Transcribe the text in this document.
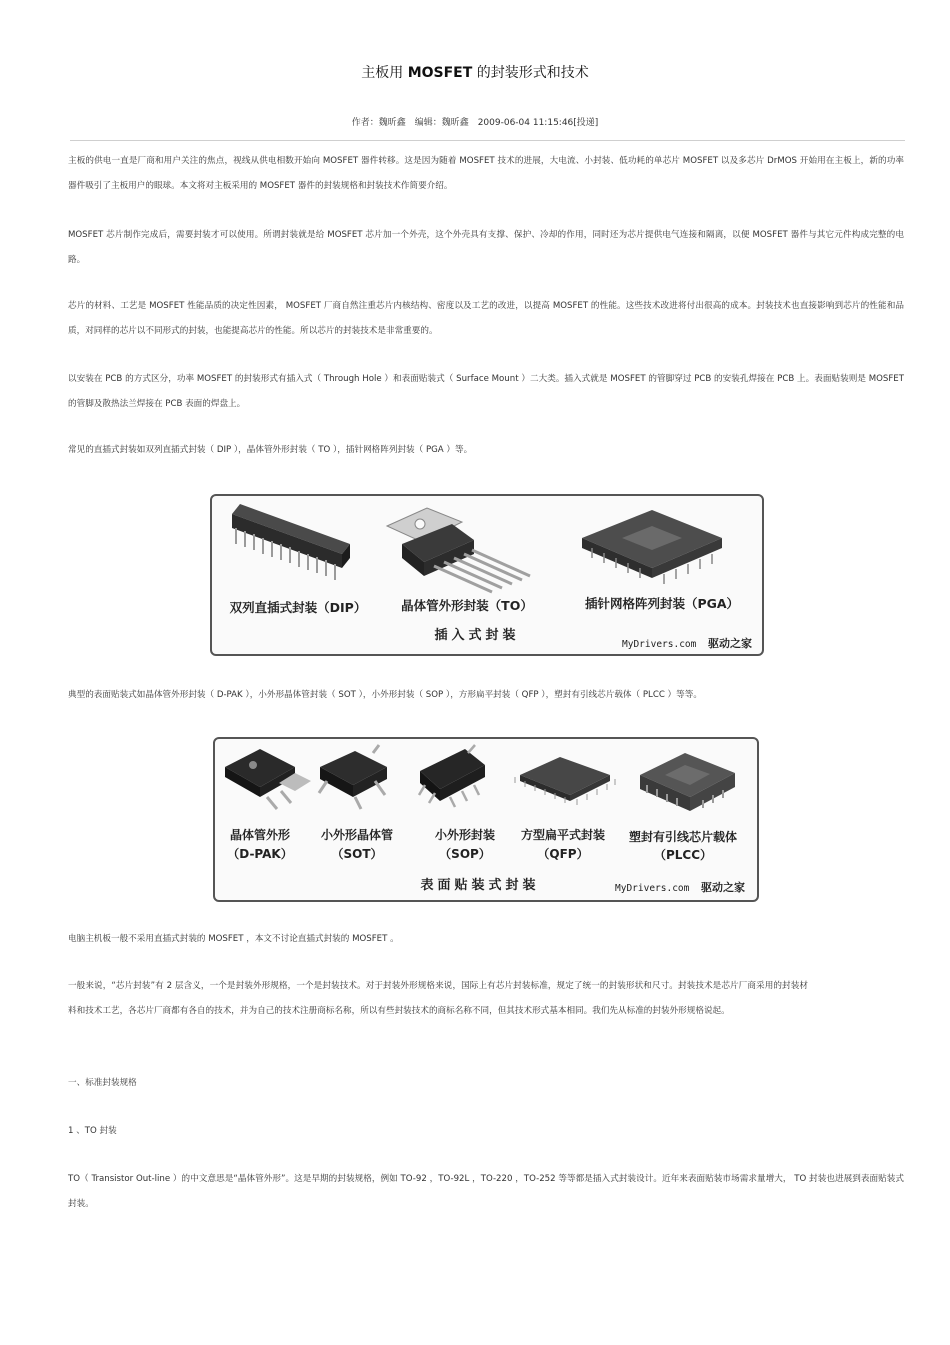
主板用 MOSFET 的封装形式和技术
作者：魏昕鑫　编辑：魏昕鑫　2009-06-04 11:15:46[投递]

主板的供电一直是厂商和用户关注的焦点，视线从供电相数开始向 MOSFET 器件转移。这是因为随着 MOSFET 技术的进展，大电流、小封装、低功耗的单芯片 MOSFET 以及多芯片 DrMOS 开始用在主板上，新的功率器件吸引了主板用户的眼球。本文将对主板采用的 MOSFET 器件的封装规格和封装技术作简要介绍。

MOSFET 芯片制作完成后，需要封装才可以使用。所谓封装就是给 MOSFET 芯片加一个外壳，这个外壳具有支撑、保护、冷却的作用，同时还为芯片提供电气连接和隔离，以便 MOSFET 器件与其它元件构成完整的电路。

芯片的材料、工艺是 MOSFET 性能品质的决定性因素， MOSFET 厂商自然注重芯片内核结构、密度以及工艺的改进，以提高 MOSFET 的性能。这些技术改进将付出很高的成本。封装技术也直接影响到芯片的性能和品质，对同样的芯片以不同形式的封装，也能提高芯片的性能。所以芯片的封装技术是非常重要的。

以安装在 PCB 的方式区分，功率 MOSFET 的封装形式有插入式（ Through Hole ）和表面贴装式（ Surface Mount ）二大类。插入式就是 MOSFET 的管脚穿过 PCB 的安装孔焊接在 PCB 上。表面贴装则是 MOSFET 的管脚及散热法兰焊接在 PCB 表面的焊盘上。

常见的直插式封装如双列直插式封装（ DIP ），晶体管外形封装（ TO ），插针网格阵列封装（ PGA ）等。

双列直插式封装（DIP）	晶体管外形封装（TO）	插针网格阵列封装（PGA）
插入式封装
MyDrivers.com 驱动之家

典型的表面贴装式如晶体管外形封装（ D-PAK ），小外形晶体管封装（ SOT ），小外形封装（ SOP ），方形扁平封装（ QFP ），塑封有引线芯片载体（ PLCC ）等等。

晶体管外形
（D-PAK）
小外形晶体管
（SOT）
小外形封装
（SOP）
方型扁平式封装
（QFP）
塑封有引线芯片载体
（PLCC）
表面贴装式封装	MyDrivers.com 驱动之家

电脑主机板一般不采用直插式封装的 MOSFET ，本文不讨论直插式封装的 MOSFET 。

一般来说，“芯片封装”有 2 层含义，一个是封装外形规格，一个是封装技术。对于封装外形规格来说，国际上有芯片封装标准，规定了统一的封装形状和尺寸。封装技术是芯片厂商采用的封装材料和技术工艺，各芯片厂商都有各自的技术，并为自己的技术注册商标名称，所以有些封装技术的商标名称不同，但其技术形式基本相同。我们先从标准的封装外形规格说起。

一、标准封装规格

1 、TO 封装

TO（ Transistor Out-line ）的中文意思是“晶体管外形”。这是早期的封装规格，例如 TO-92 ，TO-92L ，TO-220 ，TO-252 等等都是插入式封装设计。近年来表面贴装市场需求量增大， TO 封装也进展到表面贴装式封装。
